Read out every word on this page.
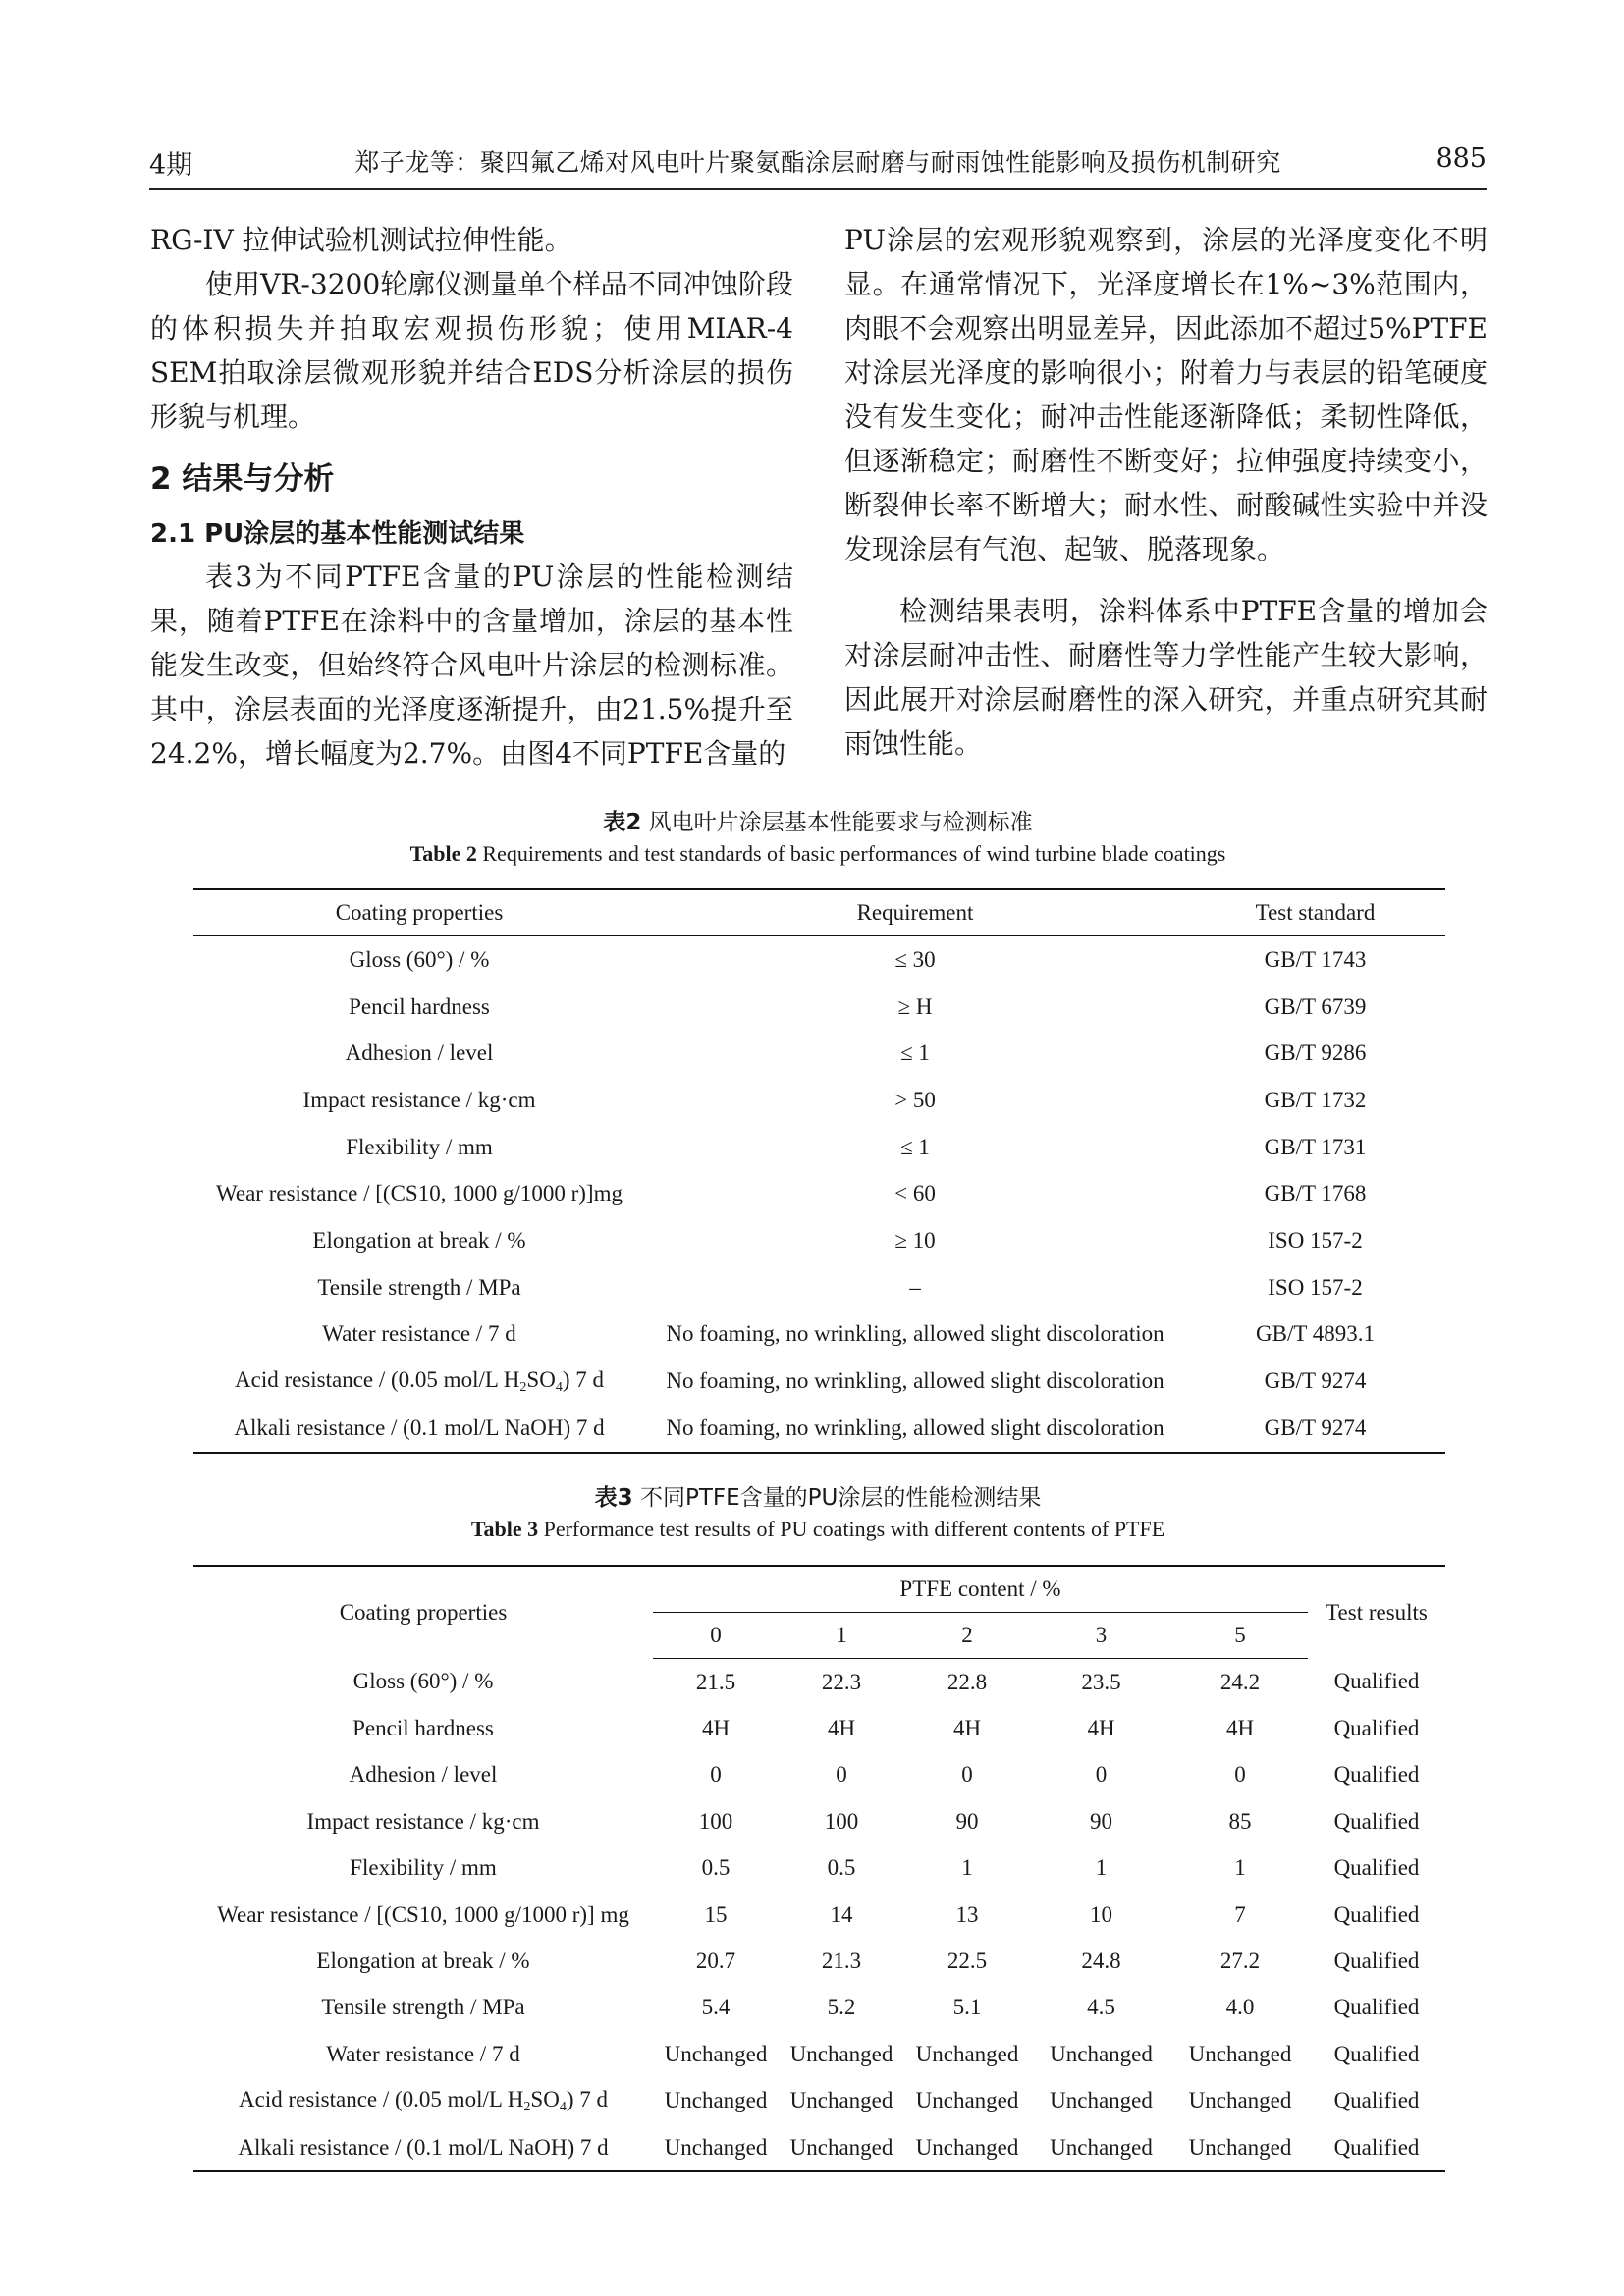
4期	郑子龙等：聚四氟乙烯对风电叶片聚氨酯涂层耐磨与耐雨蚀性能影响及损伤机制研究	885

RG-IV 拉伸试验机测试拉伸性能。

使用VR-3200轮廓仪测量单个样品不同冲蚀阶段的体积损失并拍取宏观损伤形貌；使用MIAR-4 SEM拍取涂层微观形貌并结合EDS分析涂层的损伤形貌与机理。

2 结果与分析

2.1 PU涂层的基本性能测试结果

表3为不同PTFE含量的PU涂层的性能检测结果，随着PTFE在涂料中的含量增加，涂层的基本性能发生改变，但始终符合风电叶片涂层的检测标准。其中，涂层表面的光泽度逐渐提升，由21.5%提升至24.2%，增长幅度为2.7%。由图4不同PTFE含量的

PU涂层的宏观形貌观察到，涂层的光泽度变化不明显。在通常情况下，光泽度增长在1%~3%范围内，肉眼不会观察出明显差异，因此添加不超过5%PTFE对涂层光泽度的影响很小；附着力与表层的铅笔硬度没有发生变化；耐冲击性能逐渐降低；柔韧性降低，但逐渐稳定；耐磨性不断变好；拉伸强度持续变小，断裂伸长率不断增大；耐水性、耐酸碱性实验中并没发现涂层有气泡、起皱、脱落现象。

检测结果表明，涂料体系中PTFE含量的增加会对涂层耐冲击性、耐磨性等力学性能产生较大影响，因此展开对涂层耐磨性的深入研究，并重点研究其耐雨蚀性能。

表2 风电叶片涂层基本性能要求与检测标准
Table 2 Requirements and test standards of basic performances of wind turbine blade coatings
Coating properties	Requirement	Test standard
Gloss (60°) / %	≤ 30	GB/T 1743
Pencil hardness	≥ H	GB/T 6739
Adhesion / level	≤ 1	GB/T 9286
Impact resistance / kg·cm	> 50	GB/T 1732
Flexibility / mm	≤ 1	GB/T 1731
Wear resistance / [(CS10, 1000 g/1000 r)]mg	< 60	GB/T 1768
Elongation at break / %	≥ 10	ISO 157-2
Tensile strength / MPa	–	ISO 157-2
Water resistance / 7 d	No foaming, no wrinkling, allowed slight discoloration	GB/T 4893.1
Acid resistance / (0.05 mol/L $H_2SO_4$) 7 d	No foaming, no wrinkling, allowed slight discoloration	GB/T 9274
Alkali resistance / (0.1 mol/L NaOH) 7 d	No foaming, no wrinkling, allowed slight discoloration	GB/T 9274
表3 不同PTFE含量的PU涂层的性能检测结果
Table 3 Performance test results of PU coatings with different contents of PTFE
Coating properties	PTFE content / %					Test results
	0	1	2	3	5	
Gloss (60°) / %	21.5	22.3	22.8	23.5	24.2	Qualified
Pencil hardness	4H	4H	4H	4H	4H	Qualified
Adhesion / level	0	0	0	0	0	Qualified
Impact resistance / kg·cm	100	100	90	90	85	Qualified
Flexibility / mm	0.5	0.5	1	1	1	Qualified
Wear resistance / [(CS10, 1000 g/1000 r)] mg	15	14	13	10	7	Qualified
Elongation at break / %	20.7	21.3	22.5	24.8	27.2	Qualified
Tensile strength / MPa	5.4	5.2	5.1	4.5	4.0	Qualified
Water resistance / 7 d	Unchanged	Unchanged	Unchanged	Unchanged	Unchanged	Qualified
Acid resistance / (0.05 mol/L $H_2SO_4$) 7 d	Unchanged	Unchanged	Unchanged	Unchanged	Unchanged	Qualified
Alkali resistance / (0.1 mol/L NaOH) 7 d	Unchanged	Unchanged	Unchanged	Unchanged	Unchanged	Qualified
